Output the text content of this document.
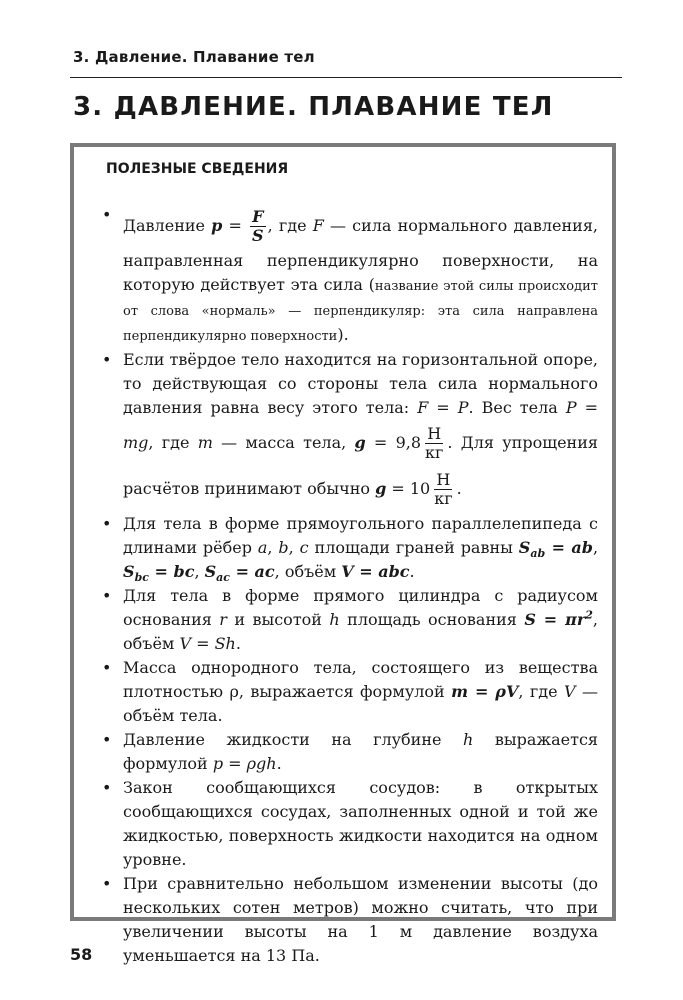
3. Давление. Плавание тел
3. ДАВЛЕНИЕ. ПЛАВАНИЕ ТЕЛ
ПОЛЕЗНЫЕ СВЕДЕНИЯ
• Давление $p = \frac{F}{S}$ , где F — сила нормального давления, направленная перпендикулярно поверхности, на которую действует эта сила (название этой силы происходит от слова «нормаль» — перпендикуляр: эта сила направлена перпендикулярно поверхности).
• Если твёрдое тело находится на горизонтальной опоре, то действующая со стороны тела сила нормального давления равна весу этого тела: F = P. Вес тела P = mg, где m — масса тела, $g = 9,8 \frac{Н}{кг}$ . Для упрощения расчётов принимают обычно $g = 10 \frac{Н}{кг}$ .
• Для тела в форме прямоугольного параллелепипеда с длинами рёбер a, b, c площади граней равны $S_{ab}$ = ab, $S_{bc}$ = bc, $S_{ac}$ = ac, объём V = abc.
• Для тела в форме прямого цилиндра с радиусом основания r и высотой h площадь основания $S = \pi r^2$, объём V = Sh.
• Масса однородного тела, состоящего из вещества плотностью ρ, выражается формулой m = ρV, где V — объём тела.
• Давление жидкости на глубине h выражается формулой p = ρgh.
• Закон сообщающихся сосудов: в открытых сообщающихся сосудах, заполненных одной и той же жидкостью, поверхность жидкости находится на одном уровне.
• При сравнительно небольшом изменении высоты (до нескольких сотен метров) можно считать, что при увеличении высоты на 1 м давление воздуха уменьшается на 13 Па.
58
